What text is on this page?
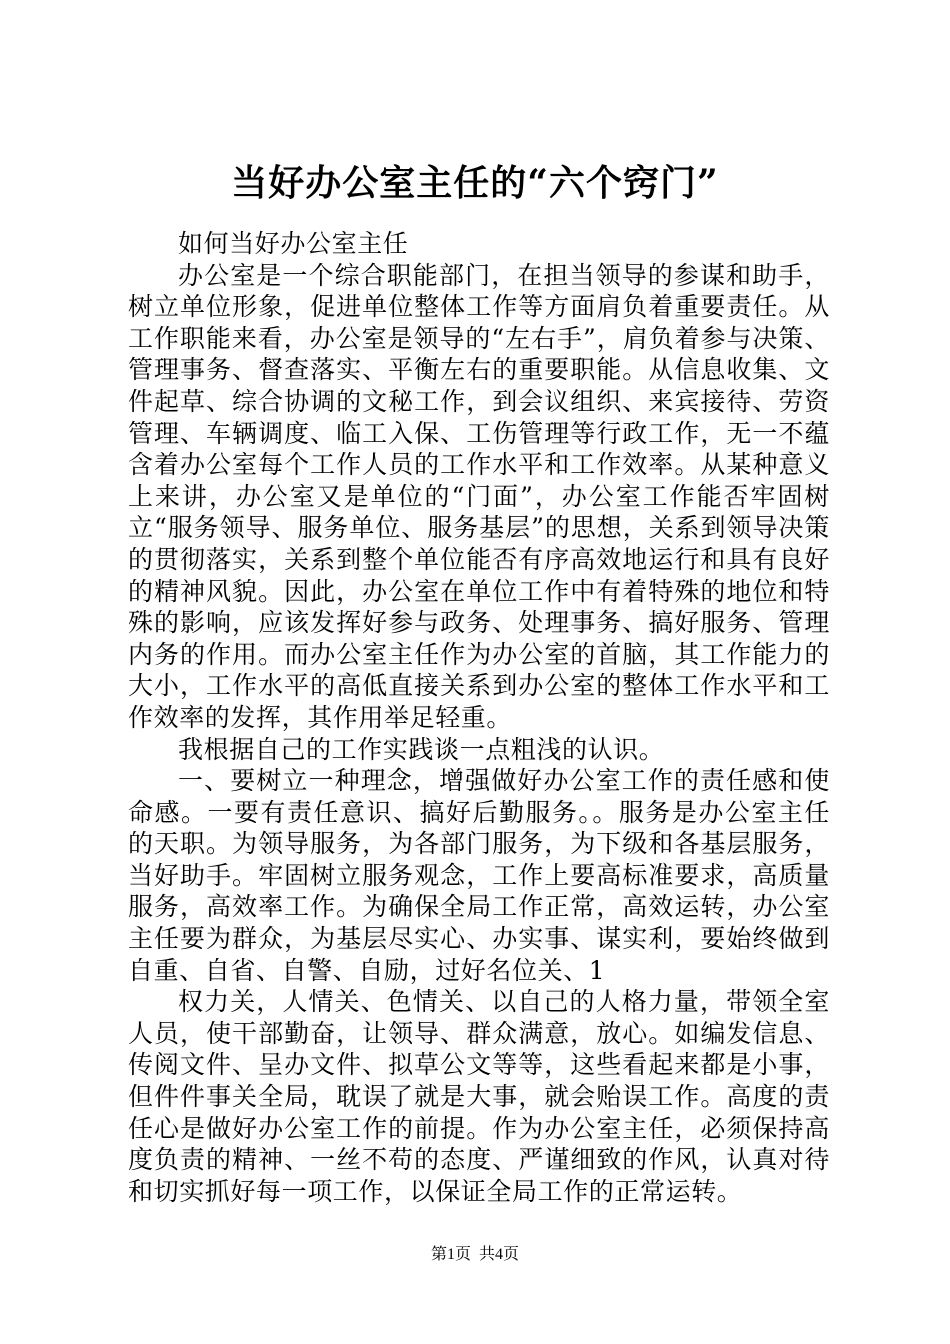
当好办公室主任的“六个窍门”

如何当好办公室主任

办公室是一个综合职能部门，在担当领导的参谋和助手，树立单位形象，促进单位整体工作等方面肩负着重要责任。从工作职能来看，办公室是领导的“左右手”，肩负着参与决策、管理事务、督查落实、平衡左右的重要职能。从信息收集、文件起草、综合协调的文秘工作，到会议组织、来宾接待、劳资管理、车辆调度、临工入保、工伤管理等行政工作，无一不蕴含着办公室每个工作人员的工作水平和工作效率。从某种意义上来讲，办公室又是单位的“门面”，办公室工作能否牢固树立“服务领导、服务单位、服务基层”的思想，关系到领导决策的贯彻落实，关系到整个单位能否有序高效地运行和具有良好的精神风貌。因此，办公室在单位工作中有着特殊的地位和特殊的影响，应该发挥好参与政务、处理事务、搞好服务、管理内务的作用。而办公室主任作为办公室的首脑，其工作能力的大小，工作水平的高低直接关系到办公室的整体工作水平和工作效率的发挥，其作用举足轻重。

我根据自己的工作实践谈一点粗浅的认识。

一、要树立一种理念，增强做好办公室工作的责任感和使命感。一要有责任意识、搞好后勤服务。。服务是办公室主任的天职。为领导服务，为各部门服务，为下级和各基层服务，当好助手。牢固树立服务观念，工作上要高标准要求，高质量服务，高效率工作。为确保全局工作正常，高效运转，办公室主任要为群众，为基层尽实心、办实事、谋实利，要始终做到自重、自省、自警、自励，过好名位关、1

权力关，人情关、色情关、以自己的人格力量，带领全室人员，使干部勤奋，让领导、群众满意，放心。如编发信息、传阅文件、呈办文件、拟草公文等等，这些看起来都是小事，但件件事关全局，耽误了就是大事，就会贻误工作。高度的责任心是做好办公室工作的前提。作为办公室主任，必须保持高度负责的精神、一丝不苟的态度、严谨细致的作风，认真对待和切实抓好每一项工作，以保证全局工作的正常运转。

第1页 共4页
